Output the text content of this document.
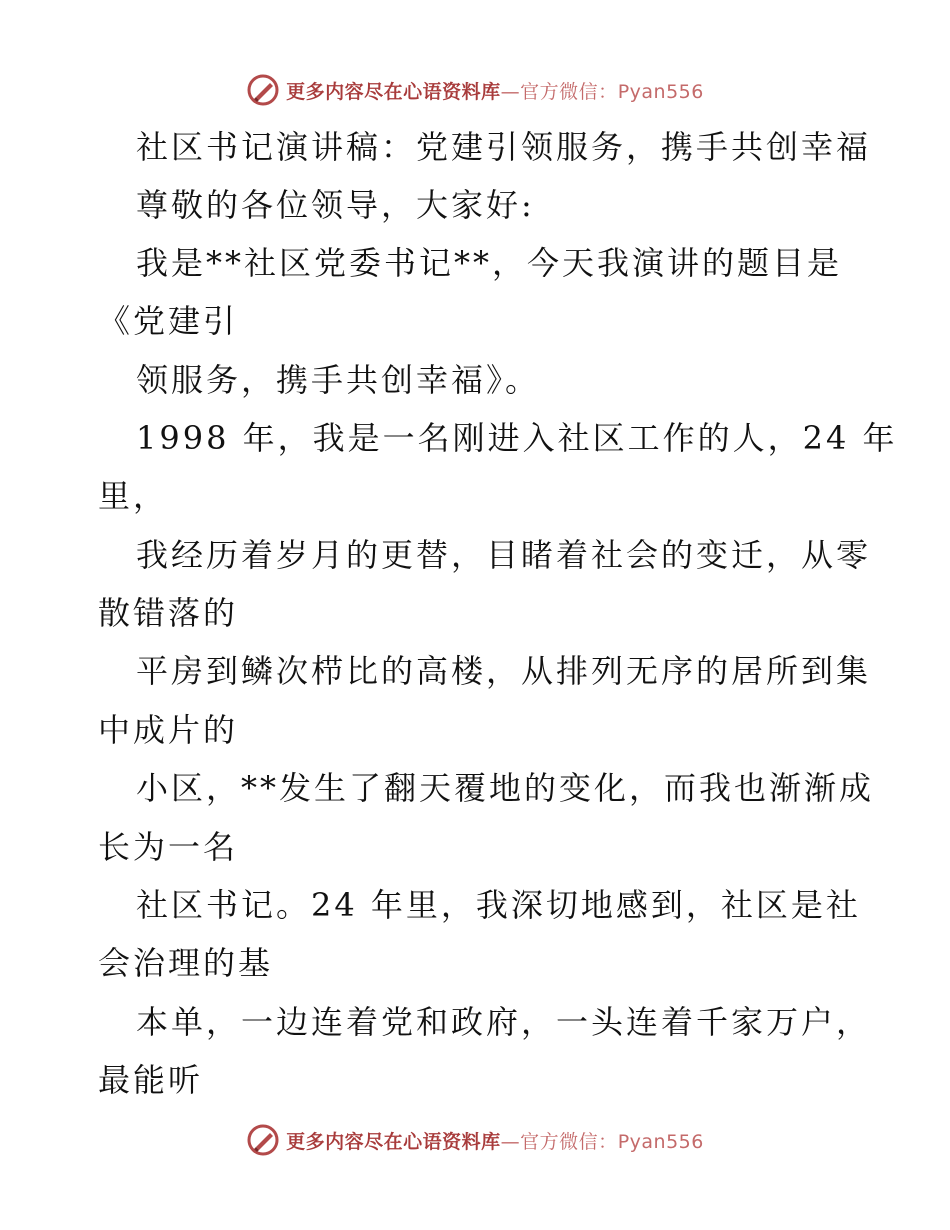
更多内容尽在心语资料库—官方微信：Pyan556
社区书记演讲稿：党建引领服务，携手共创幸福
尊敬的各位领导，大家好:
我是**社区党委书记**，今天我演讲的题目是
《党建引
领服务，携手共创幸福》。
1998 年，我是一名刚进入社区工作的人，24 年
里，
我经历着岁月的更替，目睹着社会的变迁，从零
散错落的
平房到鳞次栉比的高楼，从排列无序的居所到集
中成片的
小区，**发生了翻天覆地的变化，而我也渐渐成
长为一名
社区书记。24 年里，我深切地感到，社区是社
会治理的基
本单，一边连着党和政府，一头连着千家万户，
最能听
更多内容尽在心语资料库—官方微信：Pyan556
